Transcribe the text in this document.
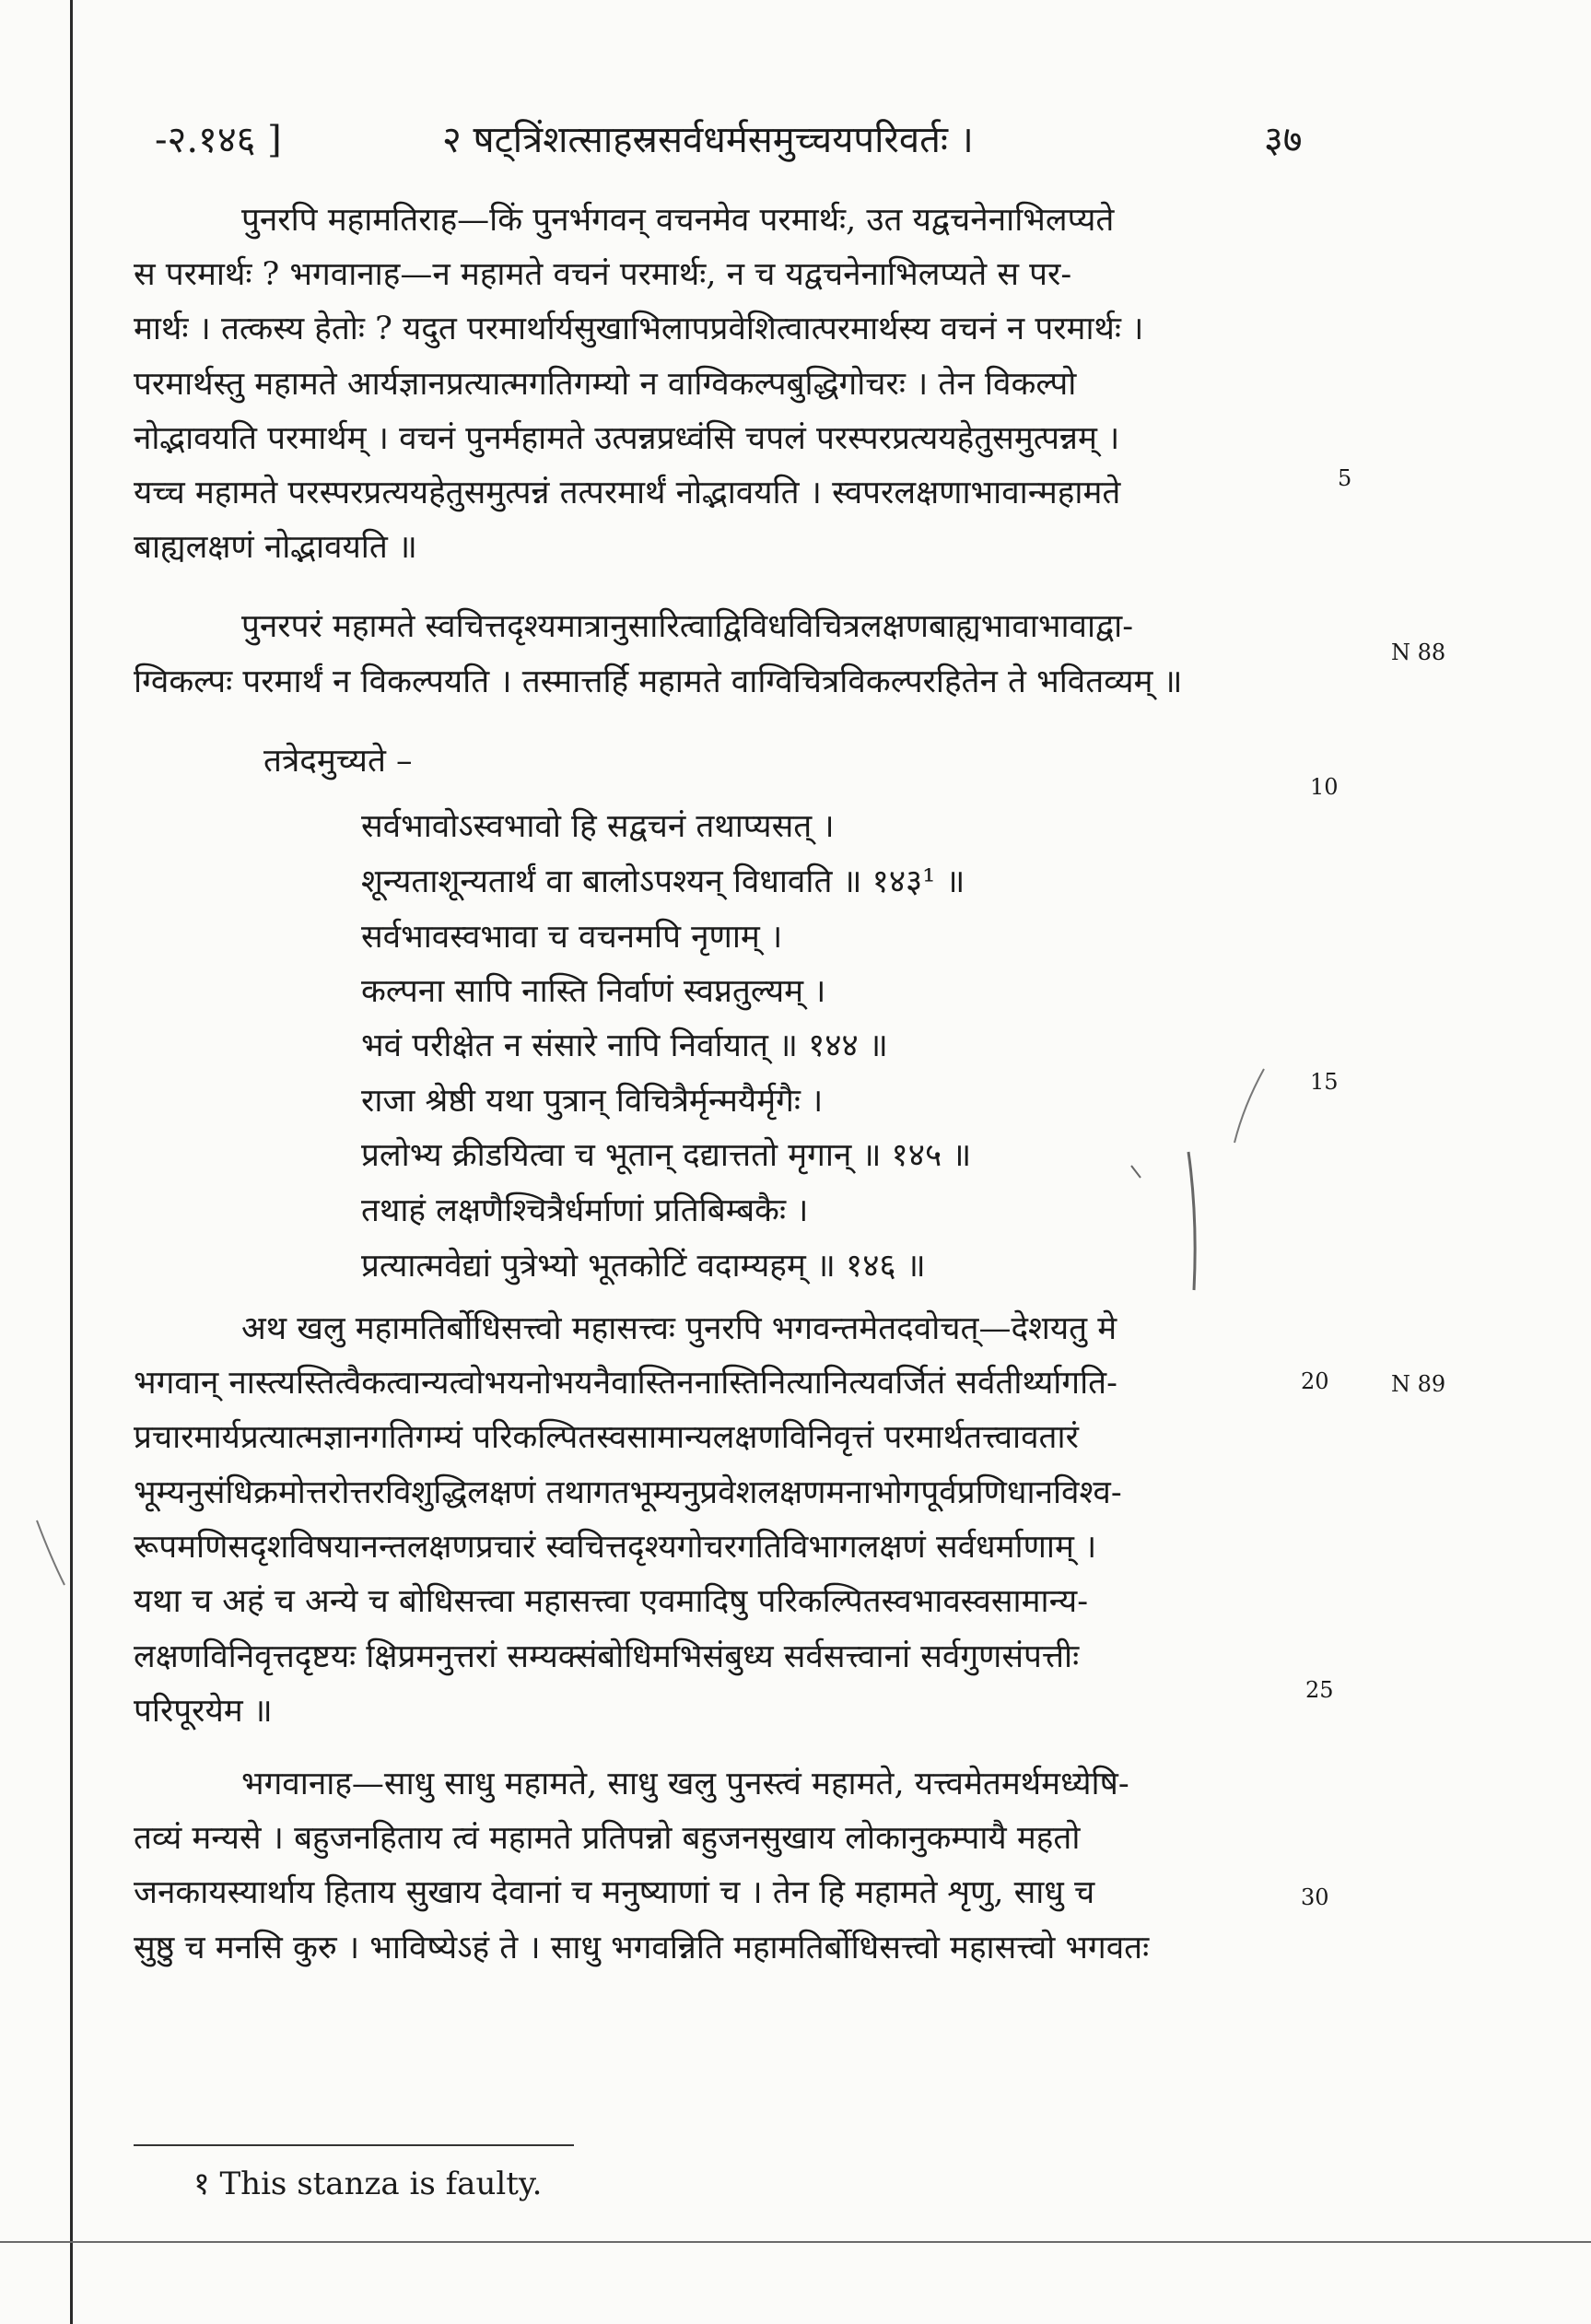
-२.१४६ ]	२ षट्त्रिंशत्साहस्रसर्वधर्मसमुच्चयपरिवर्तः ।	३७
पुनरपि महामतिराह—किं पुनर्भगवन् वचनमेव परमार्थः, उत यद्वचनेनाभिलप्यते
स परमार्थः ? भगवानाह—न महामते वचनं परमार्थः, न च यद्वचनेनाभिलप्यते स पर-
मार्थः । तत्कस्य हेतोः ? यदुत परमार्थार्यसुखाभिलापप्रवेशित्वात्परमार्थस्य वचनं न परमार्थः ।
परमार्थस्तु महामते आर्यज्ञानप्रत्यात्मगतिगम्यो न वाग्विकल्पबुद्धिगोचरः । तेन विकल्पो
नोद्भावयति परमार्थम् । वचनं पुनर्महामते उत्पन्नप्रध्वंसि चपलं परस्परप्रत्ययहेतुसमुत्पन्नम् ।
यच्च महामते परस्परप्रत्ययहेतुसमुत्पन्नं तत्परमार्थं नोद्भावयति । स्वपरलक्षणाभावान्महामते
बाह्यलक्षणं नोद्भावयति ॥
पुनरपरं महामते स्वचित्तदृश्यमात्रानुसारित्वाद्विविधविचित्रलक्षणबाह्यभावाभावाद्वा-
ग्विकल्पः परमार्थं न विकल्पयति । तस्मात्तर्हि महामते वाग्विचित्रविकल्परहितेन ते भवितव्यम् ॥
तत्रेदमुच्यते –
सर्वभावोऽस्वभावो हि सद्वचनं तथाप्यसत् ।
शून्यताशून्यतार्थं वा बालोऽपश्यन् विधावति ॥ १४३¹ ॥
सर्वभावस्वभावा च वचनमपि नृणाम् ।
कल्पना सापि नास्ति निर्वाणं स्वप्नतुल्यम् ।
भवं परीक्षेत न संसारे नापि निर्वायात् ॥ १४४ ॥
राजा श्रेष्ठी यथा पुत्रान् विचित्रैर्मृन्मयैर्मृगैः ।
प्रलोभ्य क्रीडयित्वा च भूतान् दद्यात्ततो मृगान् ॥ १४५ ॥
तथाहं लक्षणैश्चित्रैर्धर्माणां प्रतिबिम्बकैः ।
प्रत्यात्मवेद्यां पुत्रेभ्यो भूतकोटिं वदाम्यहम् ॥ १४६ ॥
अथ खलु महामतिर्बोधिसत्त्वो महासत्त्वः पुनरपि भगवन्तमेतदवोचत्—देशयतु मे
भगवान् नास्त्यस्तित्वैकत्वान्यत्वोभयनोभयनैवास्तिननास्तिनित्यानित्यवर्जितं सर्वतीर्थ्यागति-
प्रचारमार्यप्रत्यात्मज्ञानगतिगम्यं परिकल्पितस्वसामान्यलक्षणविनिवृत्तं परमार्थतत्त्वावतारं
भूम्यनुसंधिक्रमोत्तरोत्तरविशुद्धिलक्षणं तथागतभूम्यनुप्रवेशलक्षणमनाभोगपूर्वप्रणिधानविश्व-
रूपमणिसदृशविषयानन्तलक्षणप्रचारं स्वचित्तदृश्यगोचरगतिविभागलक्षणं सर्वधर्माणाम् ।
यथा च अहं च अन्ये च बोधिसत्त्वा महासत्त्वा एवमादिषु परिकल्पितस्वभावस्वसामान्य-
लक्षणविनिवृत्तदृष्टयः क्षिप्रमनुत्तरां सम्यक्संबोधिमभिसंबुध्य सर्वसत्त्वानां सर्वगुणसंपत्तीः
परिपूरयेम ॥
भगवानाह—साधु साधु महामते, साधु खलु पुनस्त्वं महामते, यत्त्वमेतमर्थमध्येषि-
तव्यं मन्यसे । बहुजनहिताय त्वं महामते प्रतिपन्नो बहुजनसुखाय लोकानुकम्पायै महतो
जनकायस्यार्थाय हिताय सुखाय देवानां च मनुष्याणां च । तेन हि महामते शृणु, साधु च
सुष्ठु च मनसि कुरु । भाविष्येऽहं ते । साधु भगवन्निति महामतिर्बोधिसत्त्वो महासत्त्वो भगवतः
5
10
15
20
25
30
N 88
N 89
१ This stanza is faulty.
